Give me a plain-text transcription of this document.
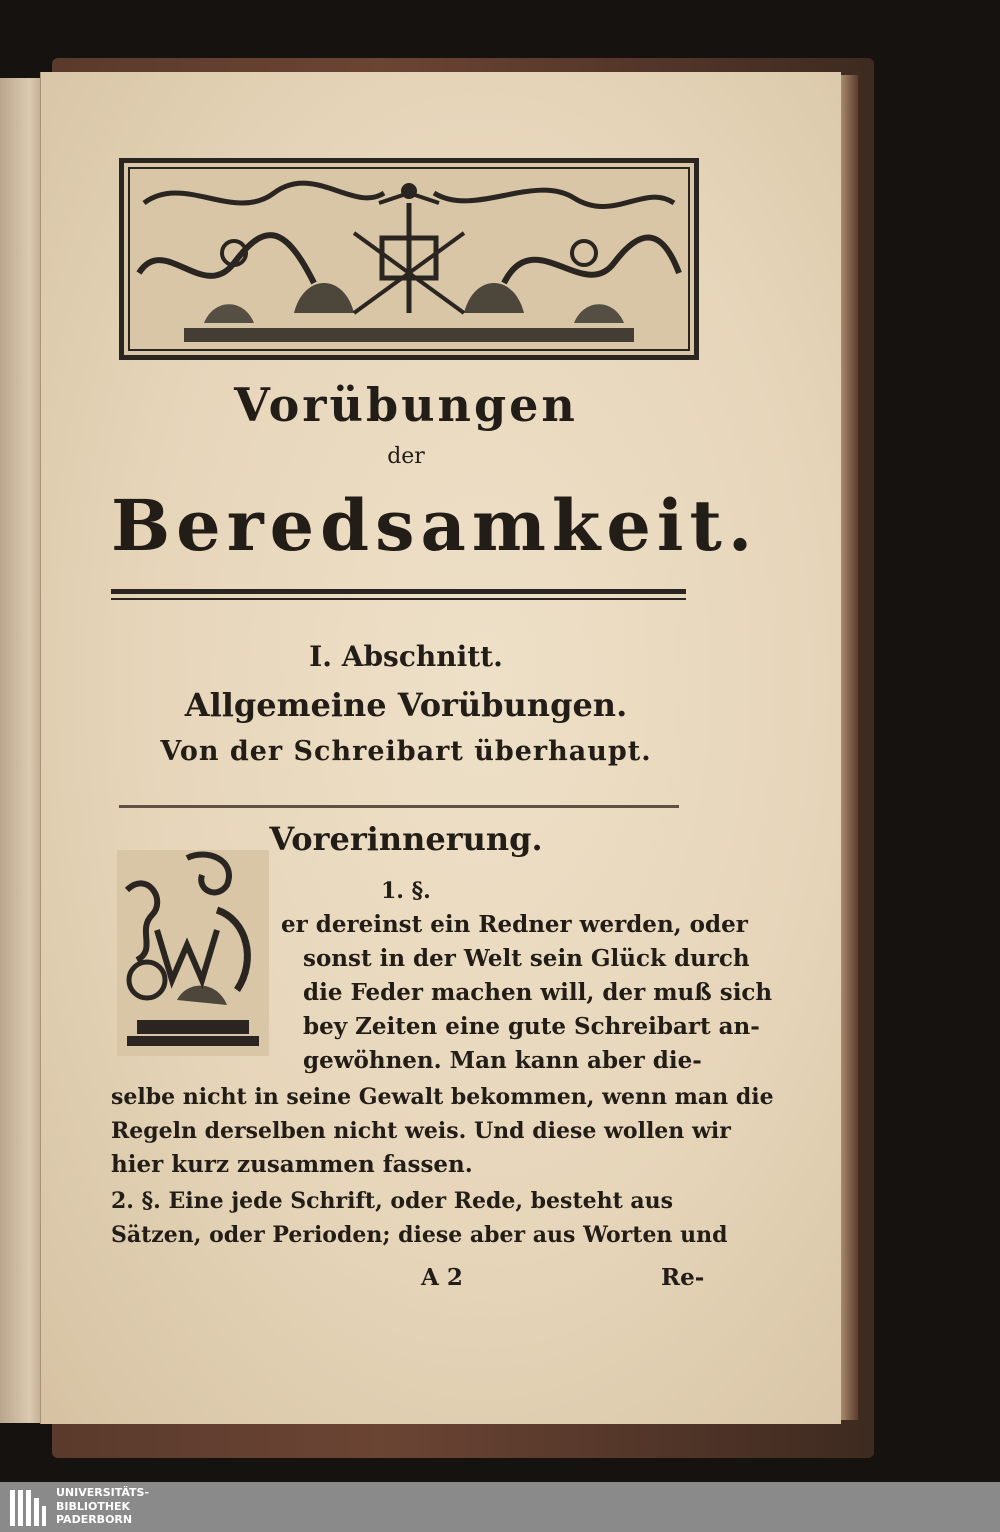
Vorübungen
der
Beredsamkeit.
I. Abschnitt.
Allgemeine Vorübungen.
Von der Schreibart überhaupt.
Vorerinnerung.
1. §.
er dereinst ein Redner werden, oder
sonst in der Welt sein Glück durch
die Feder machen will, der muß sich
bey Zeiten eine gute Schreibart an-
gewöhnen. Man kann aber die-
selbe nicht in seine Gewalt bekommen, wenn man die
Regeln derselben nicht weis. Und diese wollen wir
hier kurz zusammen fassen.
2. §. Eine jede Schrift, oder Rede, besteht aus
Sätzen, oder Perioden; diese aber aus Worten und
A 2	Re-
UNIVERSITÄTS-
BIBLIOTHEK
PADERBORN
